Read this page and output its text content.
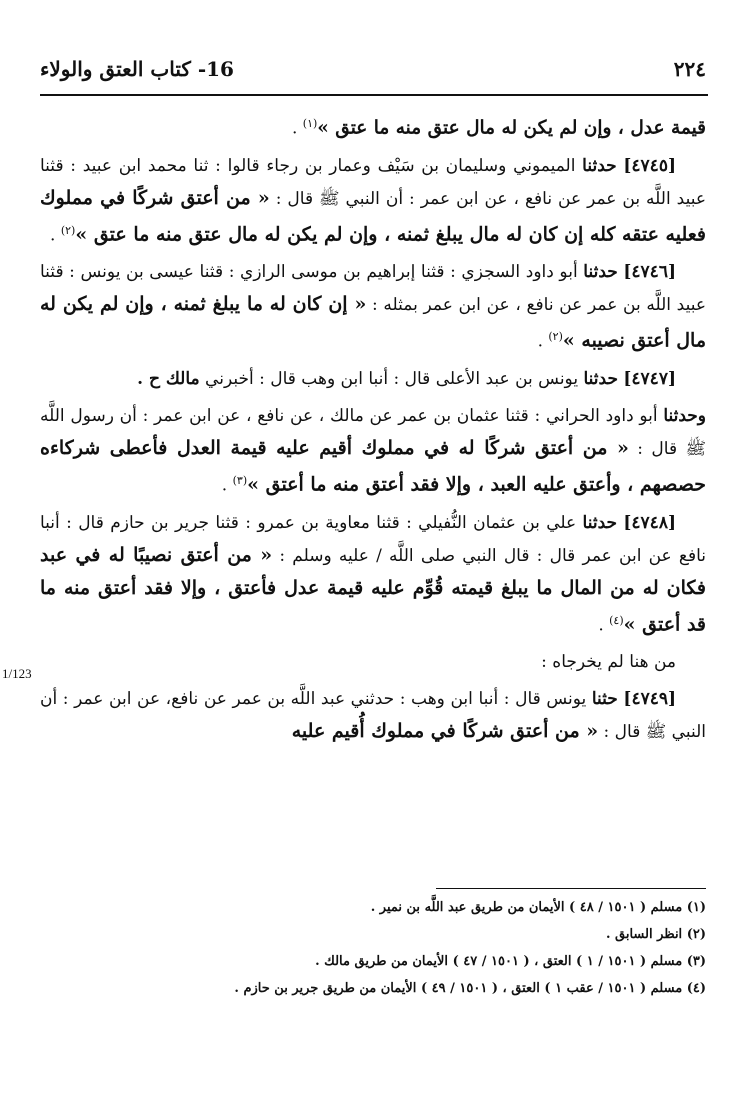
٢٢٤
16- كتاب العتق والولاء
1/123

قيمة عدل ، وإن لم يكن له مال عتق منه ما عتق »$^{(١)}$ .

[٤٧٤٥] حدثنا الميموني وسليمان بن سَيْف وعمار بن رجاء قالوا : ثنا محمد ابن عبيد : قثنا عبيد اللَّه بن عمر عن نافع ، عن ابن عمر : أن النبي ﷺ قال : « من أعتق شركًا في مملوك فعليه عتقه كله إن كان له مال يبلغ ثمنه ، وإن لم يكن له مال عتق منه ما عتق »$^{(٢)}$ .

[٤٧٤٦] حدثنا أبو داود السجزي : قثنا إبراهيم بن موسى الرازي : قثنا عيسى بن يونس : قثنا عبيد اللَّه بن عمر عن نافع ، عن ابن عمر بمثله : « إن كان له ما يبلغ ثمنه ، وإن لم يكن له مال أعتق نصيبه »$^{(٢)}$ .

[٤٧٤٧] حدثنا يونس بن عبد الأعلى قال : أنبا ابن وهب قال : أخبرني مالك ح .

وحدثنا أبو داود الحراني : قثنا عثمان بن عمر عن مالك ، عن نافع ، عن ابن عمر : أن رسول اللَّه ﷺ قال : « من أعتق شركًا له في مملوك أقيم عليه قيمة العدل فأعطى شركاءه حصصهم ، وأعتق عليه العبد ، وإلا فقد أعتق منه ما أعتق »$^{(٣)}$ .

[٤٧٤٨] حدثنا علي بن عثمان النُّفيلي : قثنا معاوية بن عمرو : قثنا جرير بن حازم قال : أنبا نافع عن ابن عمر قال : قال النبي صلى اللَّه / عليه وسلم : « من أعتق نصيبًا له في عبد فكان له من المال ما يبلغ قيمته قُوِّم عليه قيمة عدل فأعتق ، وإلا فقد أعتق منه ما قد أعتق »$^{(٤)}$ .

من هنا لم يخرجاه :

[٤٧٤٩] حثنا يونس قال : أنبا ابن وهب : حدثني عبد اللَّه بن عمر عن نافع، عن ابن عمر : أن النبي ﷺ قال : « من أعتق شركًا في مملوك أُقيم عليه

(١) مسلم ( ١٥٠١ / ٤٨ ) الأيمان من طريق عبد اللَّه بن نمير .
(٢) انظر السابق .
(٣) مسلم ( ١٥٠١ / ١ ) العتق ، ( ١٥٠١ / ٤٧ ) الأيمان من طريق مالك .
(٤) مسلم ( ١٥٠١ / عقب ١ ) العتق ، ( ١٥٠١ / ٤٩ ) الأيمان من طريق جرير بن حازم .
